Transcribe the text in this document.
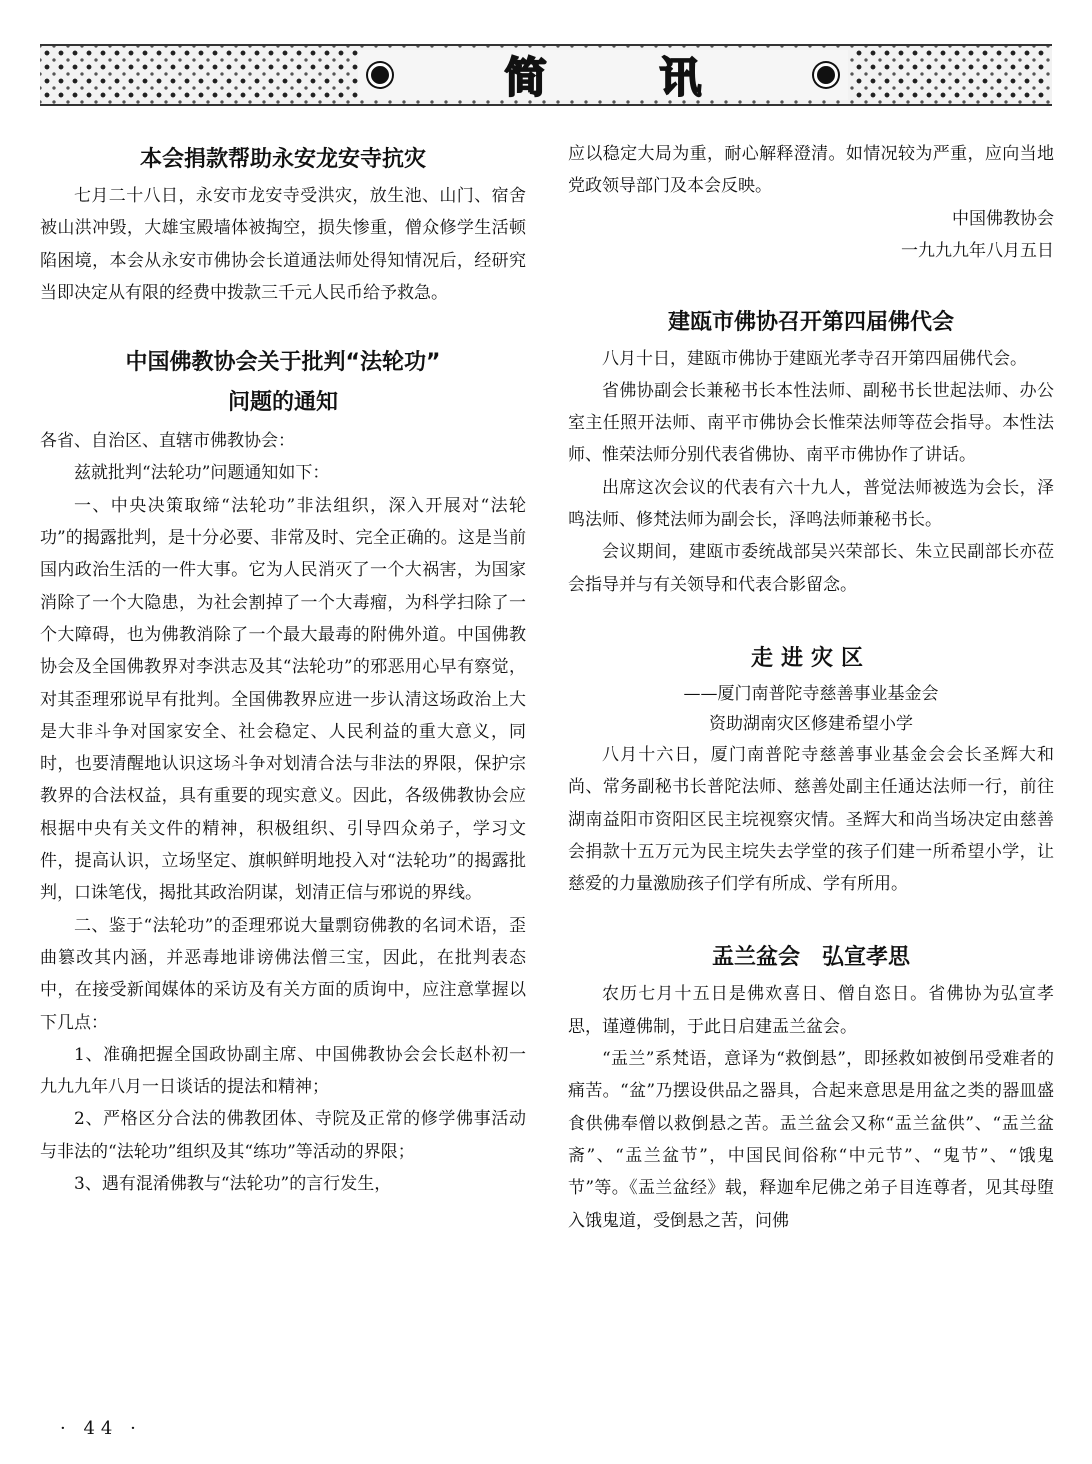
简	讯
本会捐款帮助永安龙安寺抗灾

七月二十八日，永安市龙安寺受洪灾，放生池、山门、宿舍被山洪冲毁，大雄宝殿墙体被掏空，损失惨重，僧众修学生活顿陷困境，本会从永安市佛协会长道通法师处得知情况后，经研究当即决定从有限的经费中拨款三千元人民币给予救急。

中国佛教协会关于批判“法轮功”
问题的通知

各省、自治区、直辖市佛教协会：

兹就批判“法轮功”问题通知如下：

一、中央决策取缔“法轮功”非法组织，深入开展对“法轮功”的揭露批判，是十分必要、非常及时、完全正确的。这是当前国内政治生活的一件大事。它为人民消灭了一个大祸害，为国家消除了一个大隐患，为社会割掉了一个大毒瘤，为科学扫除了一个大障碍，也为佛教消除了一个最大最毒的附佛外道。中国佛教协会及全国佛教界对李洪志及其“法轮功”的邪恶用心早有察觉，对其歪理邪说早有批判。全国佛教界应进一步认清这场政治上大是大非斗争对国家安全、社会稳定、人民利益的重大意义，同时，也要清醒地认识这场斗争对划清合法与非法的界限，保护宗教界的合法权益，具有重要的现实意义。因此，各级佛教协会应根据中央有关文件的精神，积极组织、引导四众弟子，学习文件，提高认识，立场坚定、旗帜鲜明地投入对“法轮功”的揭露批判，口诛笔伐，揭批其政治阴谋，划清正信与邪说的界线。

二、鉴于“法轮功”的歪理邪说大量剽窃佛教的名词术语，歪曲篡改其内涵，并恶毒地诽谤佛法僧三宝，因此，在批判表态中，在接受新闻媒体的采访及有关方面的质询中，应注意掌握以下几点：

1、准确把握全国政协副主席、中国佛教协会会长赵朴初一九九九年八月一日谈话的提法和精神；

2、严格区分合法的佛教团体、寺院及正常的修学佛事活动与非法的“法轮功”组织及其“练功”等活动的界限；

3、遇有混淆佛教与“法轮功”的言行发生，

应以稳定大局为重，耐心解释澄清。如情况较为严重，应向当地党政领导部门及本会反映。

中国佛教协会

一九九九年八月五日

建瓯市佛协召开第四届佛代会

八月十日，建瓯市佛协于建瓯光孝寺召开第四届佛代会。

省佛协副会长兼秘书长本性法师、副秘书长世起法师、办公室主任照开法师、南平市佛协会长惟荣法师等莅会指导。本性法师、惟荣法师分别代表省佛协、南平市佛协作了讲话。

出席这次会议的代表有六十九人，普觉法师被选为会长，泽鸣法师、修梵法师为副会长，泽鸣法师兼秘书长。

会议期间，建瓯市委统战部吴兴荣部长、朱立民副部长亦莅会指导并与有关领导和代表合影留念。

走进灾区

——厦门南普陀寺慈善事业基金会

资助湖南灾区修建希望小学

八月十六日，厦门南普陀寺慈善事业基金会会长圣辉大和尚、常务副秘书长普陀法师、慈善处副主任通达法师一行，前往湖南益阳市资阳区民主垸视察灾情。圣辉大和尚当场决定由慈善会捐款十五万元为民主垸失去学堂的孩子们建一所希望小学，让慈爱的力量激励孩子们学有所成、学有所用。

盂兰盆会　弘宣孝思

农历七月十五日是佛欢喜日、僧自恣日。省佛协为弘宣孝思，谨遵佛制，于此日启建盂兰盆会。

“盂兰”系梵语，意译为“救倒悬”，即拯救如被倒吊受难者的痛苦。“盆”乃摆设供品之器具，合起来意思是用盆之类的器皿盛食供佛奉僧以救倒悬之苦。盂兰盆会又称“盂兰盆供”、“盂兰盆斋”、“盂兰盆节”，中国民间俗称“中元节”、“鬼节”、“饿鬼节”等。《盂兰盆经》载，释迦牟尼佛之弟子目连尊者，见其母堕入饿鬼道，受倒悬之苦，问佛

· 44 ·
